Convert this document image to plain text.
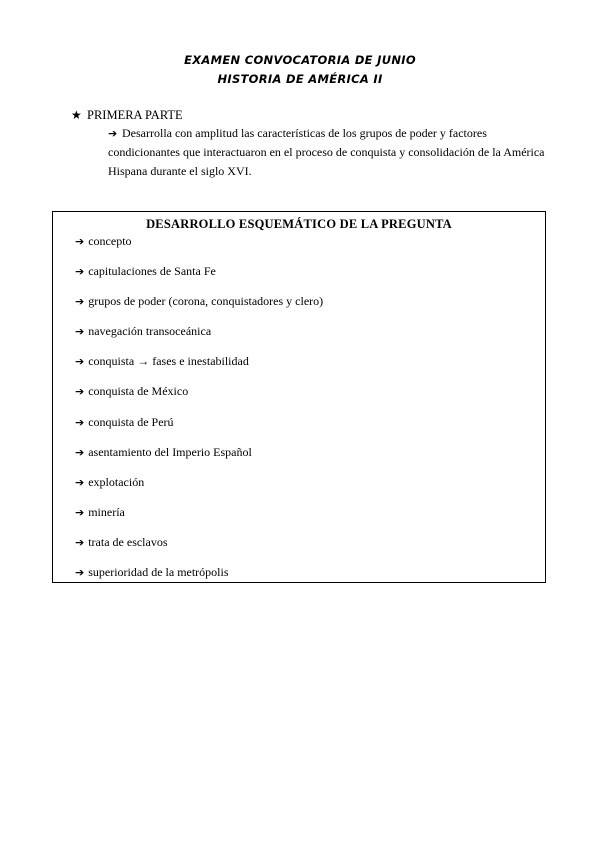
EXAMEN CONVOCATORIA DE JUNIO
HISTORIA DE AMÉRICA II
★ PRIMERA PARTE
➔ Desarrolla con amplitud las características de los grupos de poder y factores condicionantes que interactuaron en el proceso de conquista y consolidación de la América Hispana durante el siglo XVI.
DESARROLLO ESQUEMÁTICO DE LA PREGUNTA
➔ concepto
➔ capitulaciones de Santa Fe
➔ grupos de poder (corona, conquistadores y clero)
➔ navegación transoceánica
➔ conquista → fases e inestabilidad
➔ conquista de México
➔ conquista de Perú
➔ asentamiento del Imperio Español
➔ explotación
➔ minería
➔ trata de esclavos
➔ superioridad de la metrópolis
